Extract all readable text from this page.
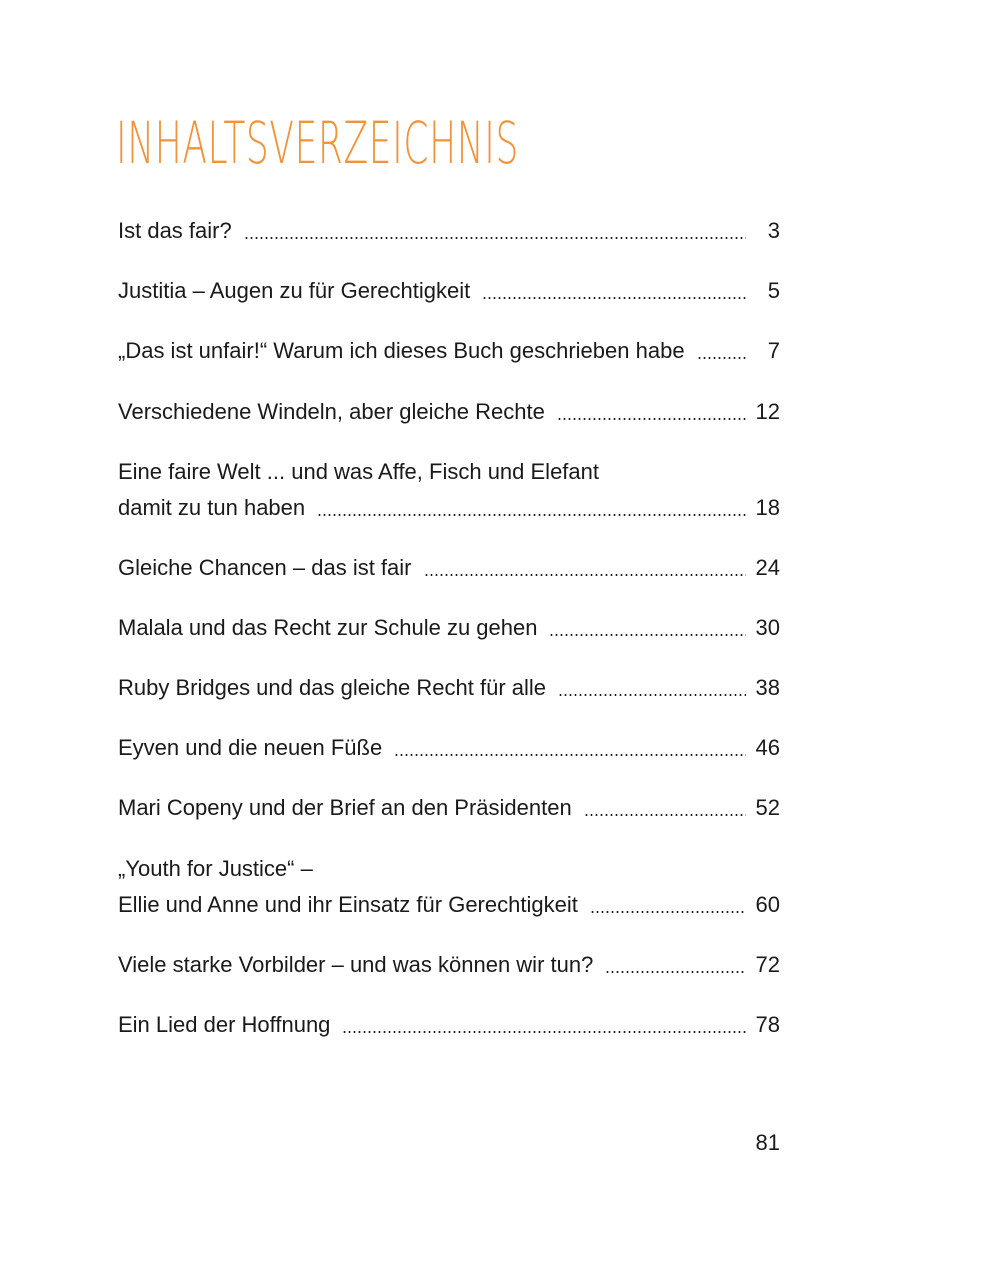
INHALTSVERZEICHNIS
Ist das fair?	3
Justitia – Augen zu für Gerechtigkeit	5
„Das ist unfair!“ Warum ich dieses Buch geschrieben habe	7
Verschiedene Windeln, aber gleiche Rechte	12
Eine faire Welt ... und was Affe, Fisch und Elefant
damit zu tun haben	18
Gleiche Chancen – das ist fair	24
Malala und das Recht zur Schule zu gehen	30
Ruby Bridges und das gleiche Recht für alle	38
Eyven und die neuen Füße	46
Mari Copeny und der Brief an den Präsidenten	52
„Youth for Justice“ –
Ellie und Anne und ihr Einsatz für Gerechtigkeit	60
Viele starke Vorbilder – und was können wir tun?	72
Ein Lied der Hoffnung	78
81
